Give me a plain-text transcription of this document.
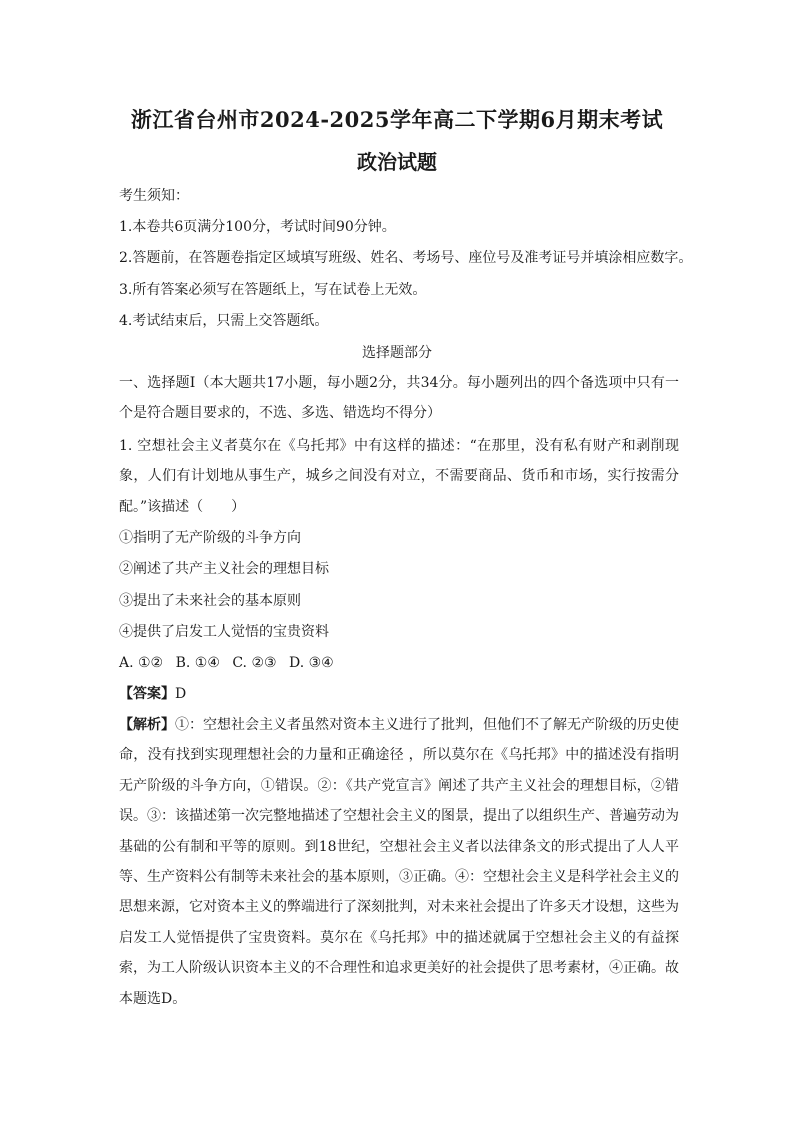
浙江省台州市2024-2025学年高二下学期6月期末考试
政治试题
考生须知：
1.本卷共6页满分100分，考试时间90分钟。
2.答题前，在答题卷指定区域填写班级、姓名、考场号、座位号及准考证号并填涂相应数字。
3.所有答案必须写在答题纸上，写在试卷上无效。
4.考试结束后，只需上交答题纸。
选择题部分
一、选择题Ⅰ（本大题共17小题，每小题2分，共34分。每小题列出的四个备选项中只有一个是符合题目要求的，不选、多选、错选均不得分）
1. 空想社会主义者莫尔在《乌托邦》中有这样的描述：“在那里，没有私有财产和剥削现象，人们有计划地从事生产，城乡之间没有对立，不需要商品、货币和市场，实行按需分配。”该描述（　　）
①指明了无产阶级的斗争方向
②阐述了共产主义社会的理想目标
③提出了未来社会的基本原则
④提供了启发工人觉悟的宝贵资料
A. ①② B. ①④ C. ②③ D. ③④
【答案】D
【解析】①：空想社会主义者虽然对资本主义进行了批判，但他们不了解无产阶级的历史使命，没有找到实现理想社会的力量和正确途径 ，所以莫尔在《乌托邦》中的描述没有指明无产阶级的斗争方向，①错误。②：《共产党宣言》阐述了共产主义社会的理想目标，②错误。③：该描述第一次完整地描述了空想社会主义的图景，提出了以组织生产、普遍劳动为基础的公有制和平等的原则。到18世纪，空想社会主义者以法律条文的形式提出了人人平等、生产资料公有制等未来社会的基本原则，③正确。④：空想社会主义是科学社会主义的思想来源，它对资本主义的弊端进行了深刻批判，对未来社会提出了许多天才设想，这些为启发工人觉悟提供了宝贵资料。莫尔在《乌托邦》中的描述就属于空想社会主义的有益探索，为工人阶级认识资本主义的不合理性和追求更美好的社会提供了思考素材，④正确。故本题选D。
